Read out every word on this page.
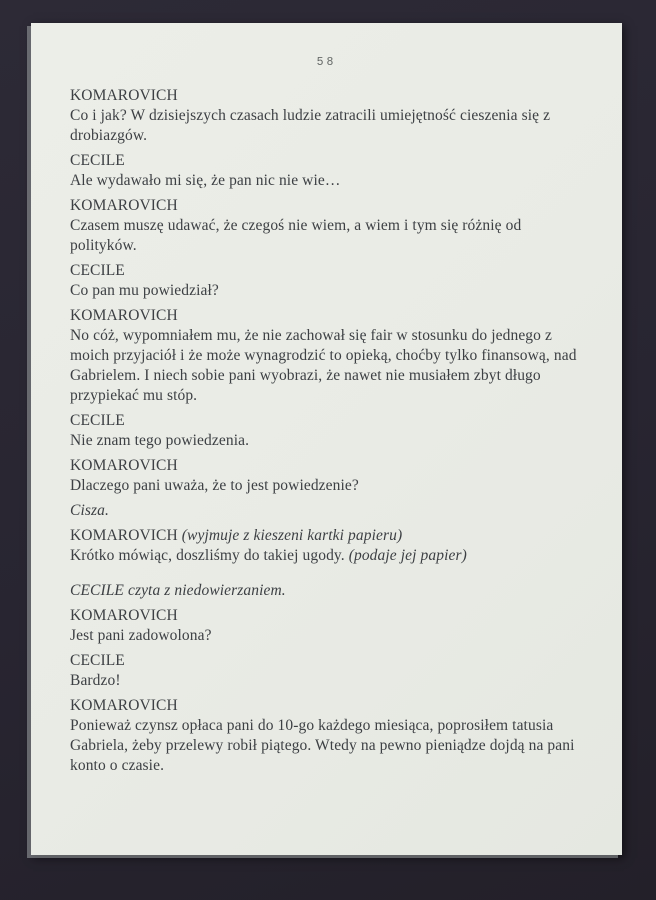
58
KOMAROVICH
Co i jak? W dzisiejszych czasach ludzie zatracili umiejętność cieszenia się z
drobiazgów.
CECILE
Ale wydawało mi się, że pan nic nie wie…
KOMAROVICH
Czasem muszę udawać, że czegoś nie wiem, a wiem i tym się różnię od
polityków.
CECILE
Co pan mu powiedział?
KOMAROVICH
No cóż, wypomniałem mu, że nie zachował się fair w stosunku do jednego z
moich przyjaciół i że może wynagrodzić to opieką, choćby tylko finansową, nad
Gabrielem. I niech sobie pani wyobrazi, że nawet nie musiałem zbyt długo
przypiekać mu stóp.
CECILE
Nie znam tego powiedzenia.
KOMAROVICH
Dlaczego pani uważa, że to jest powiedzenie?
Cisza.
KOMAROVICH (wyjmuje z kieszeni kartki papieru)
Krótko mówiąc, doszliśmy do takiej ugody. (podaje jej papier)
CECILE czyta z niedowierzaniem.
KOMAROVICH
Jest pani zadowolona?
CECILE
Bardzo!
KOMAROVICH
Ponieważ czynsz opłaca pani do 10-go każdego miesiąca, poprosiłem tatusia
Gabriela, żeby przelewy robił piątego. Wtedy na pewno pieniądze dojdą na pani
konto o czasie.
